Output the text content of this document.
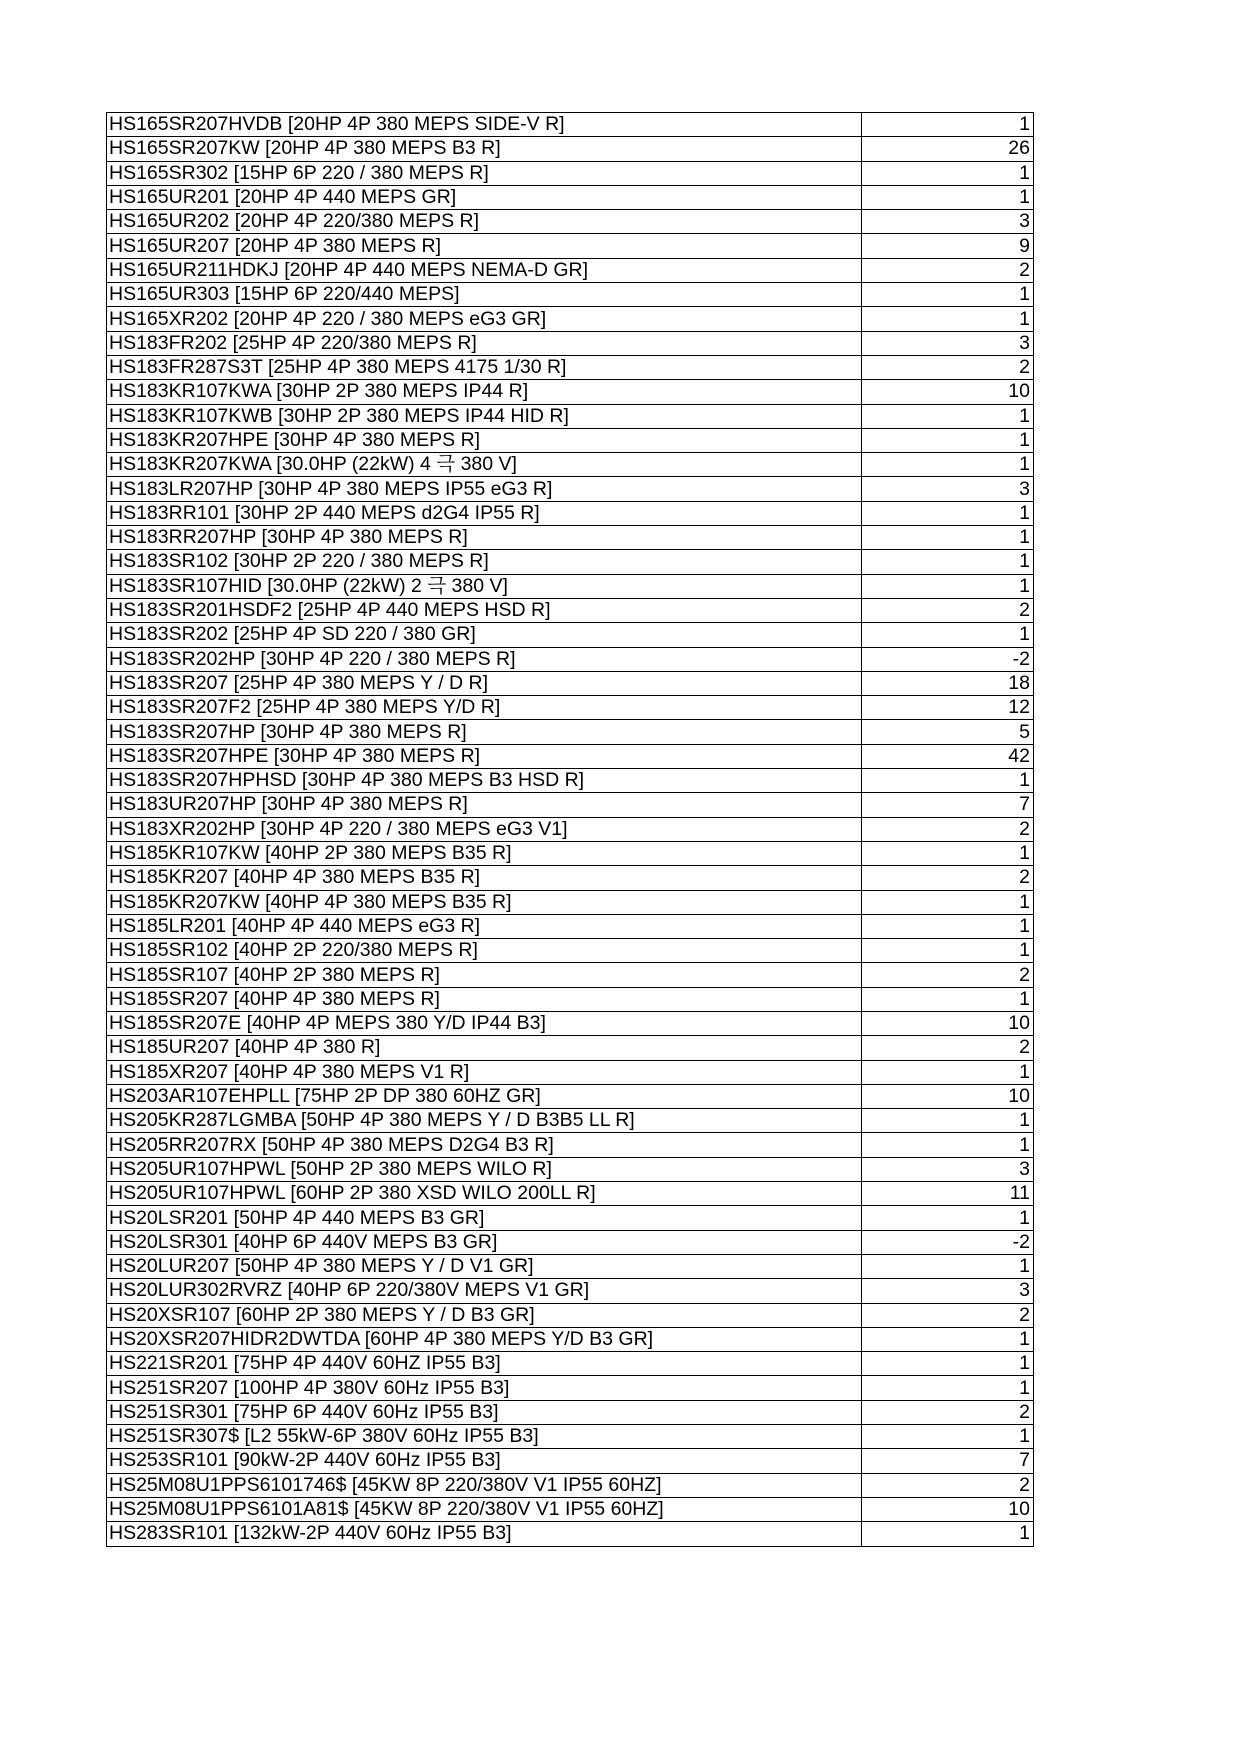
HS165SR207HVDB [20HP 4P 380 MEPS SIDE-V R]	1
HS165SR207KW [20HP 4P 380 MEPS B3 R]	26
HS165SR302 [15HP 6P 220 / 380 MEPS R]	1
HS165UR201 [20HP 4P 440 MEPS GR]	1
HS165UR202 [20HP 4P 220/380 MEPS R]	3
HS165UR207 [20HP 4P 380 MEPS R]	9
HS165UR211HDKJ [20HP 4P 440 MEPS NEMA-D GR]	2
HS165UR303 [15HP 6P 220/440 MEPS]	1
HS165XR202 [20HP 4P 220 / 380 MEPS eG3 GR]	1
HS183FR202 [25HP 4P 220/380 MEPS R]	3
HS183FR287S3T [25HP 4P 380 MEPS 4175 1/30 R]	2
HS183KR107KWA [30HP 2P 380 MEPS IP44 R]	10
HS183KR107KWB [30HP 2P 380 MEPS IP44 HID R]	1
HS183KR207HPE [30HP 4P 380 MEPS R]	1
HS183KR207KWA [30.0HP (22kW) 4 극 380 V]	1
HS183LR207HP [30HP 4P 380 MEPS IP55 eG3 R]	3
HS183RR101 [30HP 2P 440 MEPS d2G4 IP55 R]	1
HS183RR207HP [30HP 4P 380 MEPS R]	1
HS183SR102 [30HP 2P 220 / 380 MEPS R]	1
HS183SR107HID [30.0HP (22kW) 2 극 380 V]	1
HS183SR201HSDF2 [25HP 4P 440 MEPS HSD R]	2
HS183SR202 [25HP 4P SD 220 / 380 GR]	1
HS183SR202HP [30HP 4P 220 / 380 MEPS R]	-2
HS183SR207 [25HP 4P 380 MEPS Y / D R]	18
HS183SR207F2 [25HP 4P 380 MEPS Y/D R]	12
HS183SR207HP [30HP 4P 380 MEPS R]	5
HS183SR207HPE [30HP 4P 380 MEPS R]	42
HS183SR207HPHSD [30HP 4P 380 MEPS B3 HSD R]	1
HS183UR207HP [30HP 4P 380 MEPS R]	7
HS183XR202HP [30HP 4P 220 / 380 MEPS eG3 V1]	2
HS185KR107KW [40HP 2P 380 MEPS B35 R]	1
HS185KR207 [40HP 4P 380 MEPS B35 R]	2
HS185KR207KW [40HP 4P 380 MEPS B35 R]	1
HS185LR201 [40HP 4P 440 MEPS eG3 R]	1
HS185SR102 [40HP 2P 220/380 MEPS R]	1
HS185SR107 [40HP 2P 380 MEPS R]	2
HS185SR207 [40HP 4P 380 MEPS R]	1
HS185SR207E [40HP 4P MEPS 380 Y/D IP44 B3]	10
HS185UR207 [40HP 4P 380 R]	2
HS185XR207 [40HP 4P 380 MEPS V1 R]	1
HS203AR107EHPLL [75HP 2P DP 380 60HZ GR]	10
HS205KR287LGMBA [50HP 4P 380 MEPS Y / D B3B5 LL R]	1
HS205RR207RX [50HP 4P 380 MEPS D2G4 B3 R]	1
HS205UR107HPWL [50HP 2P 380 MEPS WILO R]	3
HS205UR107HPWL [60HP 2P 380 XSD WILO 200LL R]	11
HS20LSR201 [50HP 4P 440 MEPS B3 GR]	1
HS20LSR301 [40HP 6P 440V MEPS B3 GR]	-2
HS20LUR207 [50HP 4P 380 MEPS Y / D V1 GR]	1
HS20LUR302RVRZ [40HP 6P 220/380V MEPS V1 GR]	3
HS20XSR107 [60HP 2P 380 MEPS Y / D B3 GR]	2
HS20XSR207HIDR2DWTDA [60HP 4P 380 MEPS Y/D B3 GR]	1
HS221SR201 [75HP 4P 440V 60HZ IP55 B3]	1
HS251SR207 [100HP 4P 380V 60Hz IP55 B3]	1
HS251SR301 [75HP 6P 440V 60Hz IP55 B3]	2
HS251SR307$ [L2 55kW-6P 380V 60Hz IP55 B3]	1
HS253SR101 [90kW-2P 440V 60Hz IP55 B3]	7
HS25M08U1PPS6101746$ [45KW 8P 220/380V V1 IP55 60HZ]	2
HS25M08U1PPS6101A81$ [45KW 8P 220/380V V1 IP55 60HZ]	10
HS283SR101 [132kW-2P 440V 60Hz IP55 B3]	1
